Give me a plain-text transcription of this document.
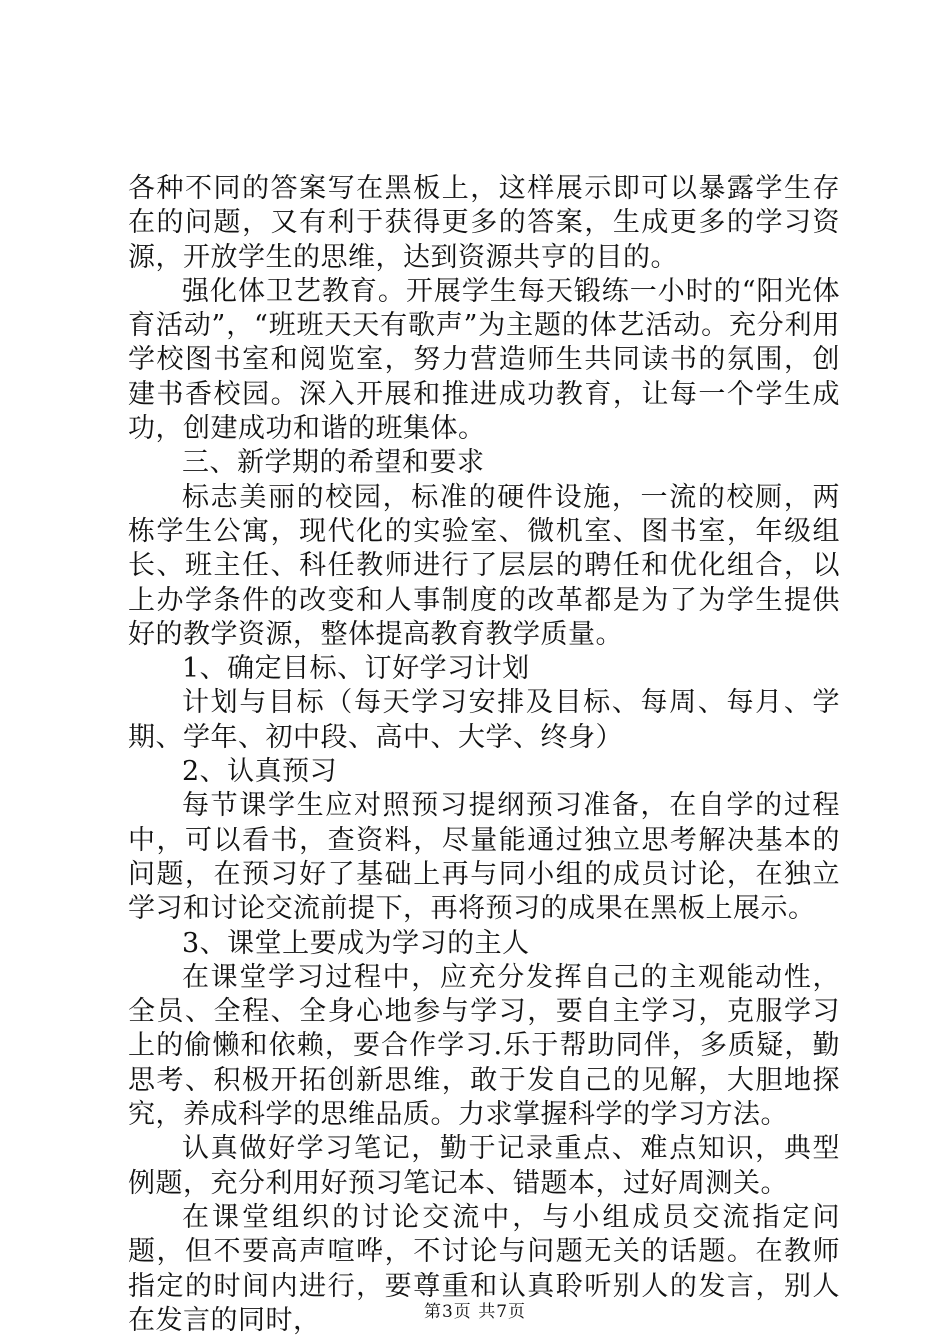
各种不同的答案写在黑板上，这样展示即可以暴露学生存在的问题，又有利于获得更多的答案，生成更多的学习资源，开放学生的思维，达到资源共亨的目的。

强化体卫艺教育。开展学生每天锻练一小时的“阳光体育活动”，“班班天天有歌声”为主题的体艺活动。充分利用学校图书室和阅览室，努力营造师生共同读书的氛围，创建书香校园。深入开展和推进成功教育，让每一个学生成功，创建成功和谐的班集体。

三、新学期的希望和要求

标志美丽的校园，标准的硬件设施，一流的校厕，两栋学生公寓，现代化的实验室、微机室、图书室，年级组长、班主任、科任教师进行了层层的聘任和优化组合，以上办学条件的改变和人事制度的改革都是为了为学生提供好的教学资源，整体提高教育教学质量。

1、确定目标、订好学习计划

计划与目标（每天学习安排及目标、每周、每月、学期、学年、初中段、高中、大学、终身）

2、认真预习

每节课学生应对照预习提纲预习准备，在自学的过程中，可以看书，查资料，尽量能通过独立思考解决基本的问题，在预习好了基础上再与同小组的成员讨论，在独立学习和讨论交流前提下，再将预习的成果在黑板上展示。

3、课堂上要成为学习的主人

在课堂学习过程中，应充分发挥自己的主观能动性，全员、全程、全身心地参与学习，要自主学习，克服学习上的偷懒和依赖，要合作学习.乐于帮助同伴，多质疑，勤思考、积极开拓创新思维，敢于发自己的见解，大胆地探究，养成科学的思维品质。力求掌握科学的学习方法。

认真做好学习笔记，勤于记录重点、难点知识，典型例题，充分利用好预习笔记本、错题本，过好周测关。

在课堂组织的讨论交流中，与小组成员交流指定问题，但不要高声喧哗，不讨论与问题无关的话题。在教师指定的时间内进行，要尊重和认真聆听别人的发言，别人在发言的同时，	第3页 共7页
